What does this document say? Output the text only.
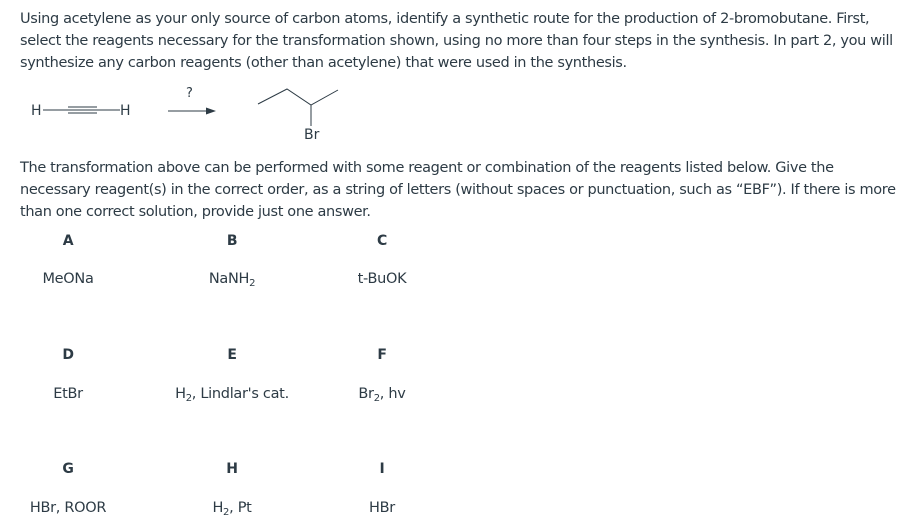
Using acetylene as your only source of carbon atoms, identify a synthetic route for the production of 2-bromobutane. First, select the reagents necessary for the transformation shown, using no more than four steps in the synthesis. In part 2, you will synthesize any carbon reagents (other than acetylene) that were used in the synthesis.

H	H
?
Br

The transformation above can be performed with some reagent or combination of the reagents listed below. Give the necessary reagent(s) in the correct order, as a string of letters (without spaces or punctuation, such as “EBF”). If there is more than one correct solution, provide just one answer.

A
MeONa
B
NaNH$_2$
C
t-BuOK
D
EtBr
E
$H_2$, Lindlar's cat.
F
$Br_2$, hv
G
HBr, ROOR
H
$H_2$, Pt
I
HBr
